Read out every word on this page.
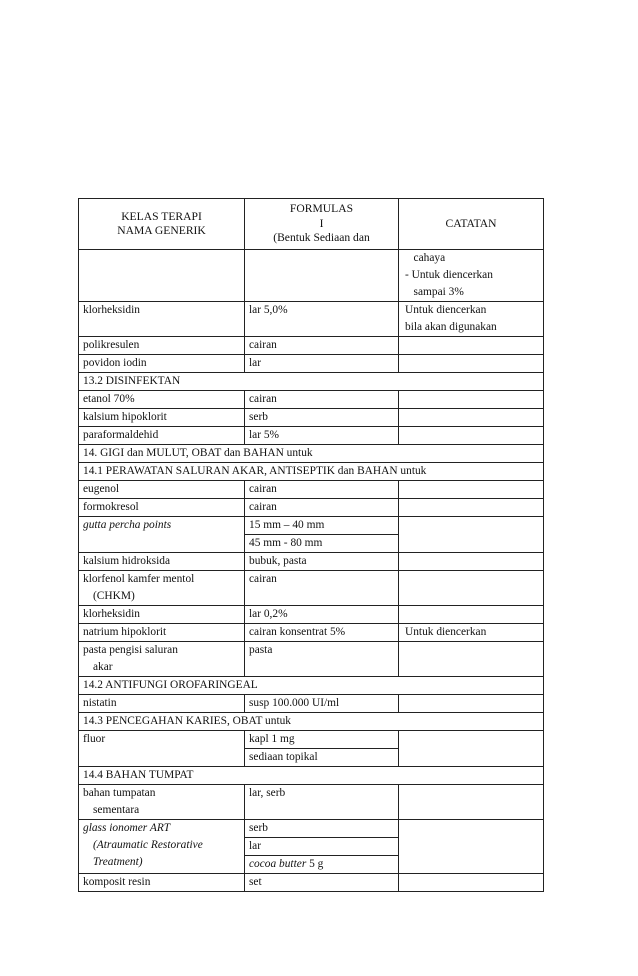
KELAS TERAPI
NAMA GENERIK	FORMULAS
I
(Bentuk Sediaan dan	CATATAN

		cahaya
- Untuk diencerkan
sampai 3%

klorheksidin	lar 5,0%	Untuk diencerkan
bila akan digunakan

polikresulen	cairan	

povidon iodin	lar	

13.2 DISINFEKTAN		

etanol 70%	cairan	

kalsium hipoklorit	serb	

paraformaldehid	lar 5%	

14. GIGI dan MULUT, OBAT dan BAHAN untuk		
14.1 PERAWATAN SALURAN AKAR, ANTISEPTIK dan BAHAN untuk		

eugenol	cairan	

formokresol	cairan	

gutta percha points	15 mm – 40 mm	
	45 mm - 80 mm	

kalsium hidroksida	bubuk, pasta	

klorfenol kamfer mentol
(CHKM)	cairan	

klorheksidin	lar 0,2%	

natrium hipoklorit	cairan konsentrat 5%	Untuk diencerkan

pasta pengisi saluran
akar	pasta	

14.2 ANTIFUNGI OROFARINGEAL		

nistatin	susp 100.000 UI/ml	

14.3 PENCEGAHAN KARIES, OBAT untuk		

fluor	kapl 1 mg	
	sediaan topikal	
14.4 BAHAN TUMPAT		

bahan tumpatan
sementara	lar, serb	

glass ionomer ART
(Atraumatic Restorative
Treatment)	serb	
	lar	
	cocoa butter 5 g	

komposit resin	set	
